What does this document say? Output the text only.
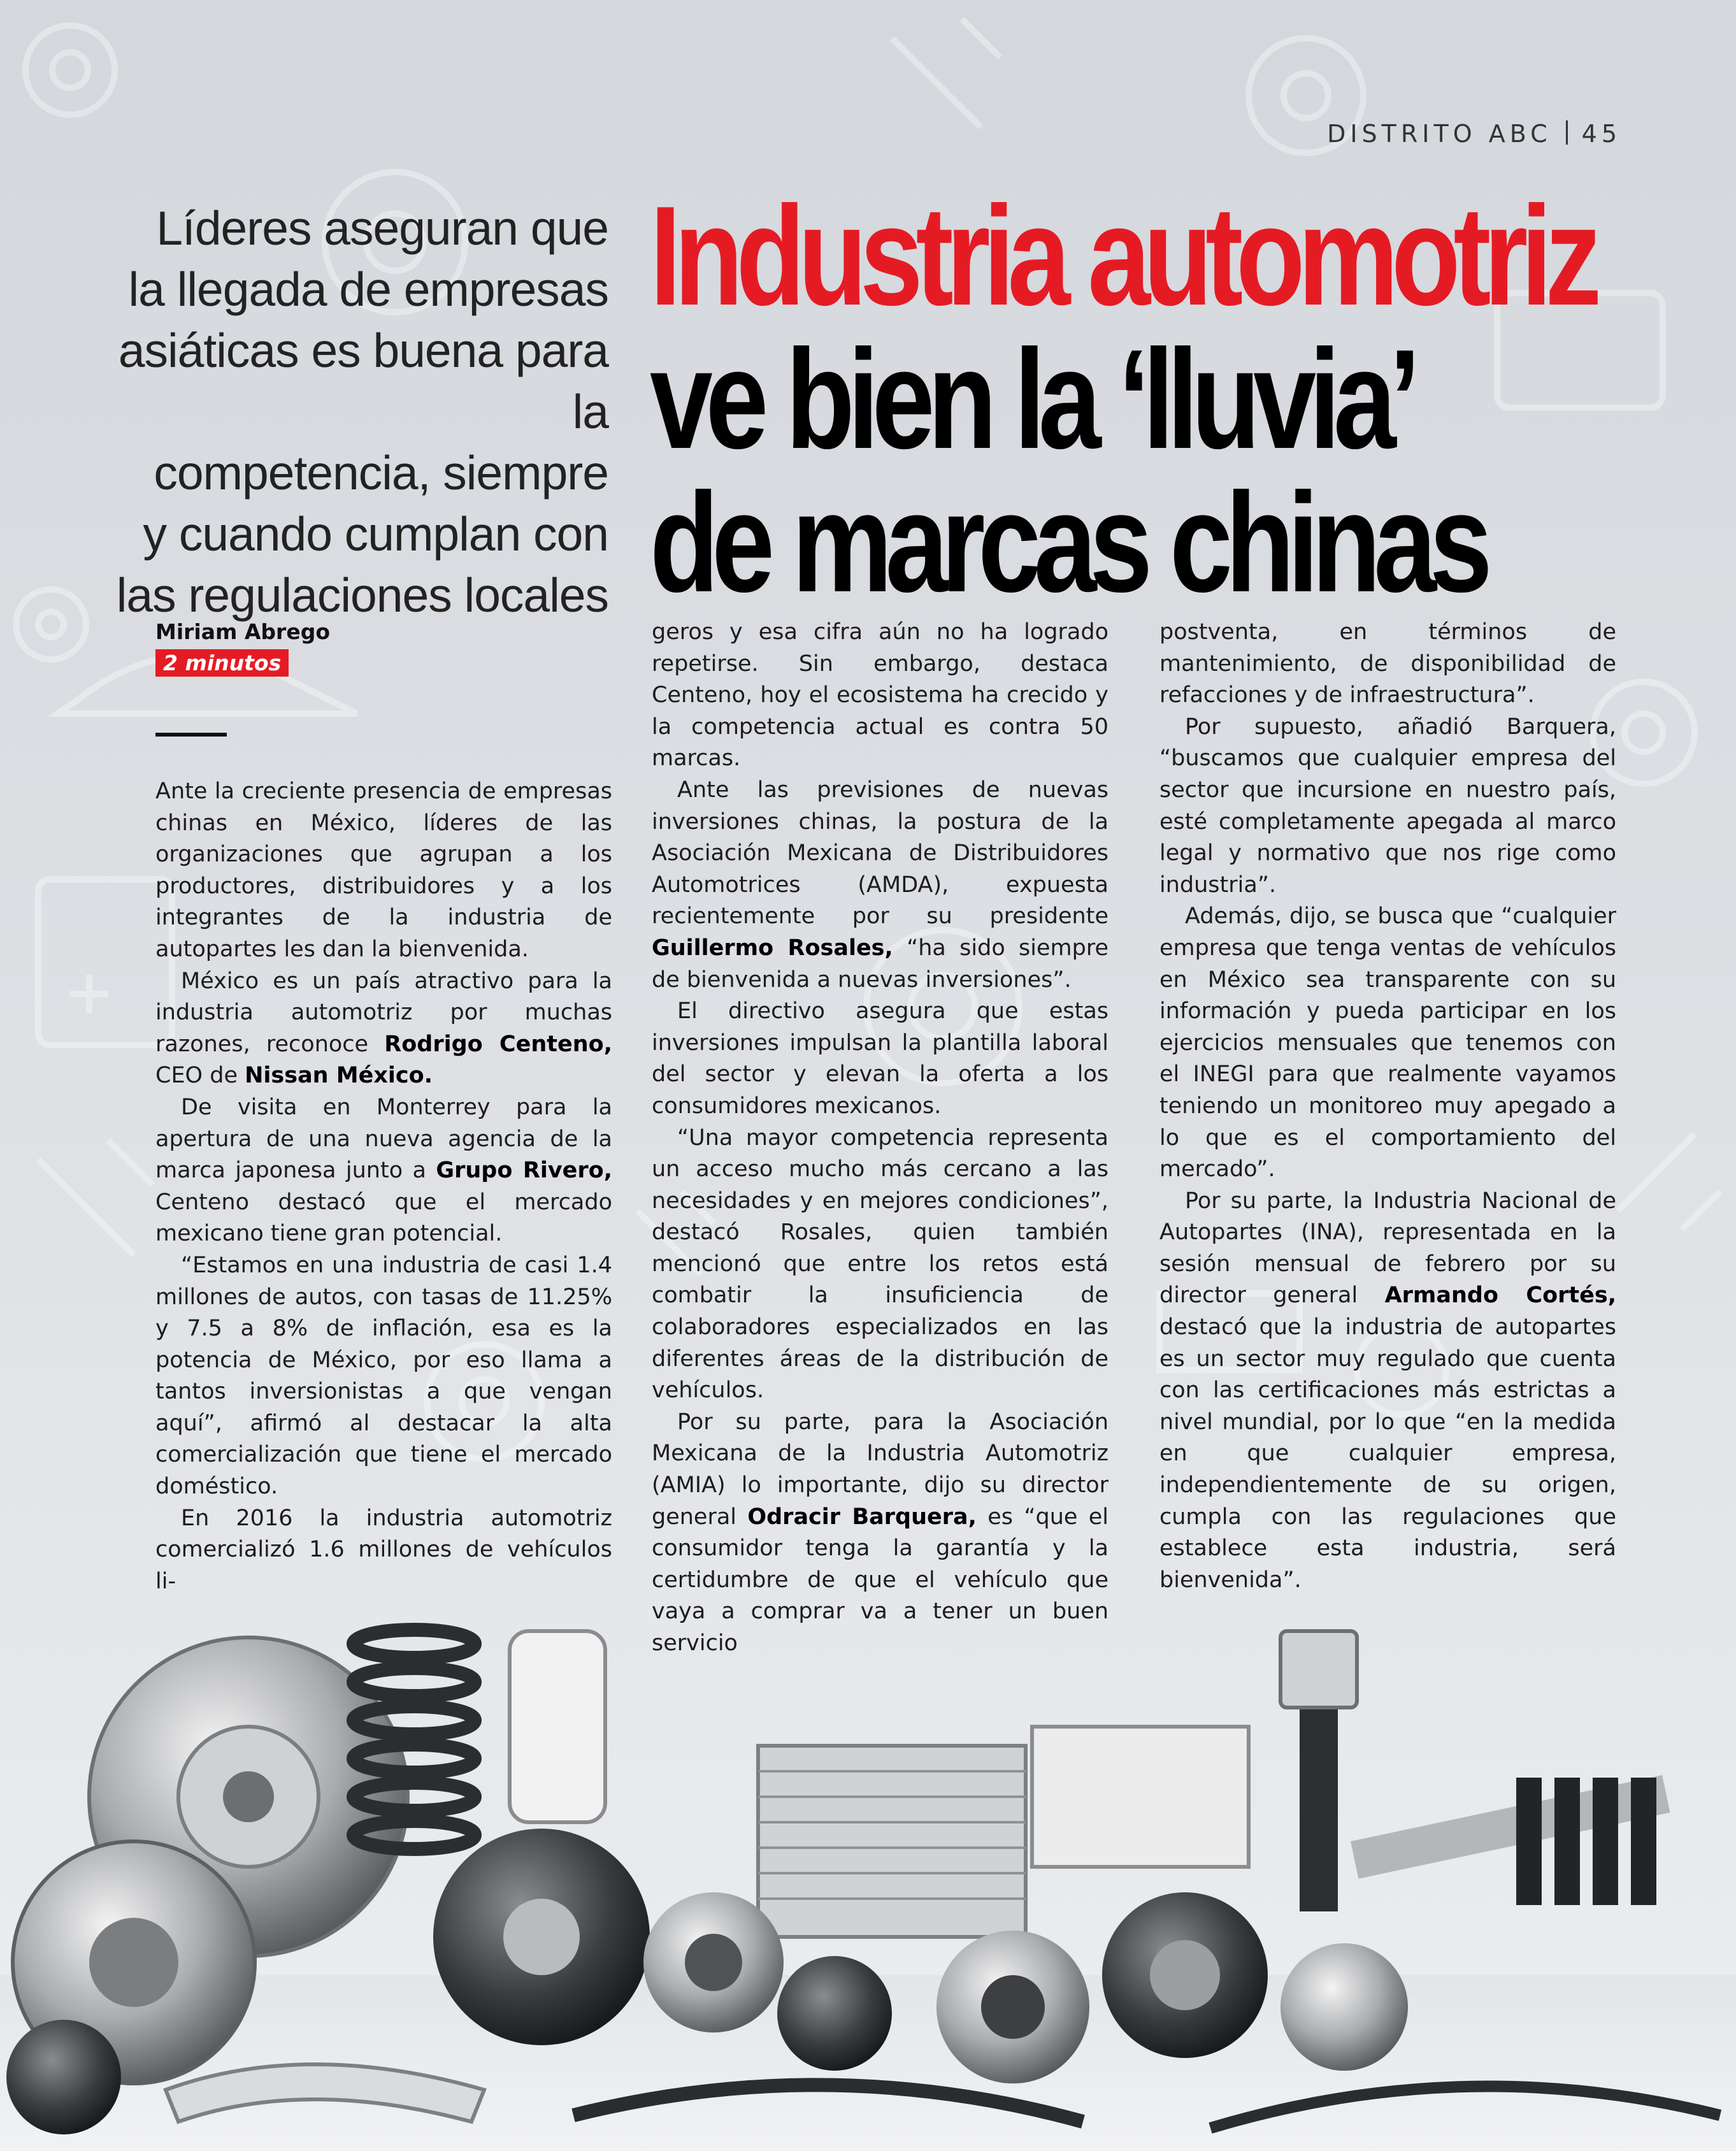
DISTRITO ABC 45
Líderes aseguran que
la llegada de empresas
asiáticas es buena para la
competencia, siempre
y cuando cumplan con
las regulaciones locales
Industria automotriz
ve bien la ‘lluvia’
de marcas chinas
Miriam Abrego
2 minutos

Ante la creciente presencia de empresas chinas en México, líderes de las organizaciones que agrupan a los productores, distribuidores y a los integrantes de la industria de autopartes les dan la bienvenida.

México es un país atractivo para la industria automotriz por muchas razones, reconoce Rodrigo Centeno, CEO de Nissan México.

De visita en Monterrey para la apertura de una nueva agencia de la marca japonesa junto a Grupo Rivero, Centeno destacó que el mercado mexicano tiene gran potencial.

“Estamos en una industria de casi 1.4 millones de autos, con tasas de 11.25% y 7.5 a 8% de inflación, esa es la potencia de México, por eso llama a tantos inversionistas a que vengan aquí”, afirmó al destacar la alta comercialización que tiene el mercado doméstico.

En 2016 la industria automotriz comercializó 1.6 millones de vehículos li-

geros y esa cifra aún no ha logrado repetirse. Sin embargo, destaca Centeno, hoy el ecosistema ha crecido y la competencia actual es contra 50 marcas.

Ante las previsiones de nuevas inversiones chinas, la postura de la Asociación Mexicana de Distribuidores Automotrices (AMDA), expuesta recientemente por su presidente Guillermo Rosales, “ha sido siempre de bienvenida a nuevas inversiones”.

El directivo asegura que estas inversiones impulsan la plantilla laboral del sector y elevan la oferta a los consumidores mexicanos.

“Una mayor competencia representa un acceso mucho más cercano a las necesidades y en mejores condiciones”, destacó Rosales, quien también mencionó que entre los retos está combatir la insuficiencia de colaboradores especializados en las diferentes áreas de la distribución de vehículos.

Por su parte, para la Asociación Mexicana de la Industria Automotriz (AMIA) lo importante, dijo su director general Odracir Barquera, es “que el consumidor tenga la garantía y la certidumbre de que el vehículo que vaya a comprar va a tener un buen servicio

postventa, en términos de mantenimiento, de disponibilidad de refacciones y de infraestructura”.

Por supuesto, añadió Barquera, “buscamos que cualquier empresa del sector que incursione en nuestro país, esté completamente apegada al marco legal y normativo que nos rige como industria”.

Además, dijo, se busca que “cualquier empresa que tenga ventas de vehículos en México sea transparente con su información y pueda participar en los ejercicios mensuales que tenemos con el INEGI para que realmente vayamos teniendo un monitoreo muy apegado a lo que es el comportamiento del mercado”.

Por su parte, la Industria Nacional de Autopartes (INA), representada en la sesión mensual de febrero por su director general Armando Cortés, destacó que la industria de autopartes es un sector muy regulado que cuenta con las certificaciones más estrictas a nivel mundial, por lo que “en la medida en que cualquier empresa, independientemente de su origen, cumpla con las regulaciones que establece esta industria, será bienvenida”.
